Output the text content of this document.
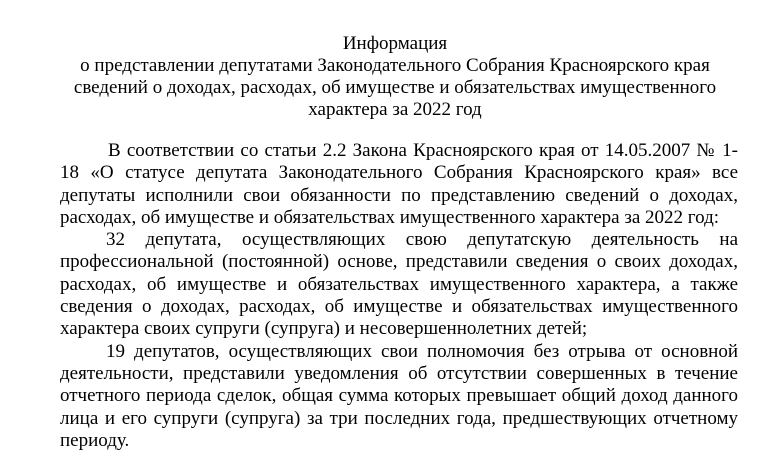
Информация
о представлении депутатами Законодательного Собрания Красноярского края
сведений о доходах, расходах, об имуществе и обязательствах имущественного
характера за 2022 год

В соответствии со статьи 2.2 Закона Красноярского края от 14.05.2007 № 1-18 «О статусе депутата Законодательного Собрания Красноярского края» все депутаты исполнили свои обязанности по представлению сведений о доходах, расходах, об имуществе и обязательствах имущественного характера за 2022 год:

32 депутата, осуществляющих свою депутатскую деятельность на профессиональной (постоянной) основе, представили сведения о своих доходах, расходах, об имуществе и обязательствах имущественного характера, а также сведения о доходах, расходах, об имуществе и обязательствах имущественного характера своих супруги (супруга) и несовершеннолетних детей;

19 депутатов, осуществляющих свои полномочия без отрыва от основной деятельности, представили уведомления об отсутствии совершенных в течение отчетного периода сделок, общая сумма которых превышает общий доход данного лица и его супруги (супруга) за три последних года, предшествующих отчетному периоду.
